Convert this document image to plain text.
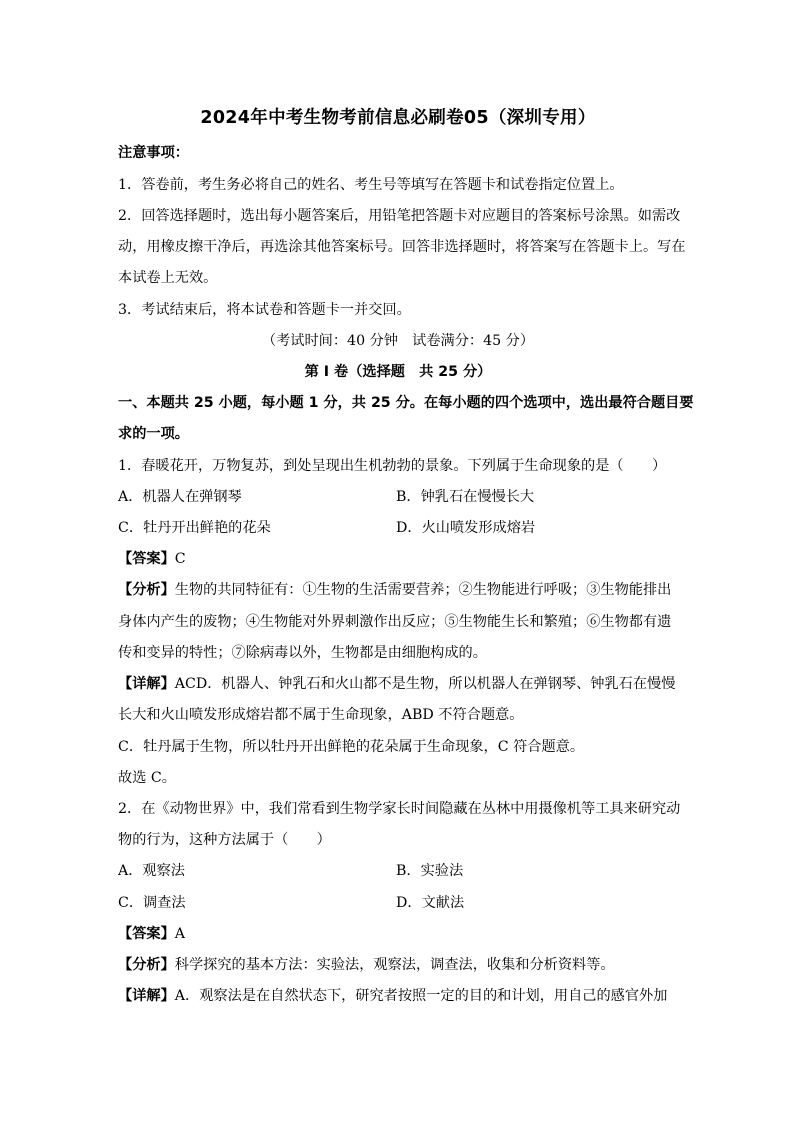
2024年中考生物考前信息必刷卷05（深圳专用）
注意事项：
1．答卷前，考生务必将自己的姓名、考生号等填写在答题卡和试卷指定位置上。
2．回答选择题时，选出每小题答案后，用铅笔把答题卡对应题目的答案标号涂黑。如需改
动，用橡皮擦干净后，再选涂其他答案标号。回答非选择题时，将答案写在答题卡上。写在
本试卷上无效。
3．考试结束后，将本试卷和答题卡一并交回。
（考试时间：40 分钟　试卷满分：45 分）
第 I 卷（选择题　共 25 分）
一、本题共 25 小题，每小题 1 分，共 25 分。在每小题的四个选项中，选出最符合题目要
求的一项。
1．春暖花开，万物复苏，到处呈现出生机勃勃的景象。下列属于生命现象的是（　　）
A．机器人在弹钢琴	B．钟乳石在慢慢长大
C．牡丹开出鲜艳的花朵	D．火山喷发形成熔岩
【答案】C
【分析】生物的共同特征有：①生物的生活需要营养；②生物能进行呼吸；③生物能排出
身体内产生的废物；④生物能对外界刺激作出反应；⑤生物能生长和繁殖；⑥生物都有遗
传和变异的特性；⑦除病毒以外，生物都是由细胞构成的。
【详解】ACD．机器人、钟乳石和火山都不是生物，所以机器人在弹钢琴、钟乳石在慢慢
长大和火山喷发形成熔岩都不属于生命现象，ABD 不符合题意。
C．牡丹属于生物，所以牡丹开出鲜艳的花朵属于生命现象，C 符合题意。
故选 C。
2．在《动物世界》中，我们常看到生物学家长时间隐藏在丛林中用摄像机等工具来研究动
物的行为，这种方法属于（　　）
A．观察法	B．实验法
C．调查法	D．文献法
【答案】A
【分析】科学探究的基本方法：实验法，观察法，调查法，收集和分析资料等。
【详解】A．观察法是在自然状态下，研究者按照一定的目的和计划，用自己的感官外加
